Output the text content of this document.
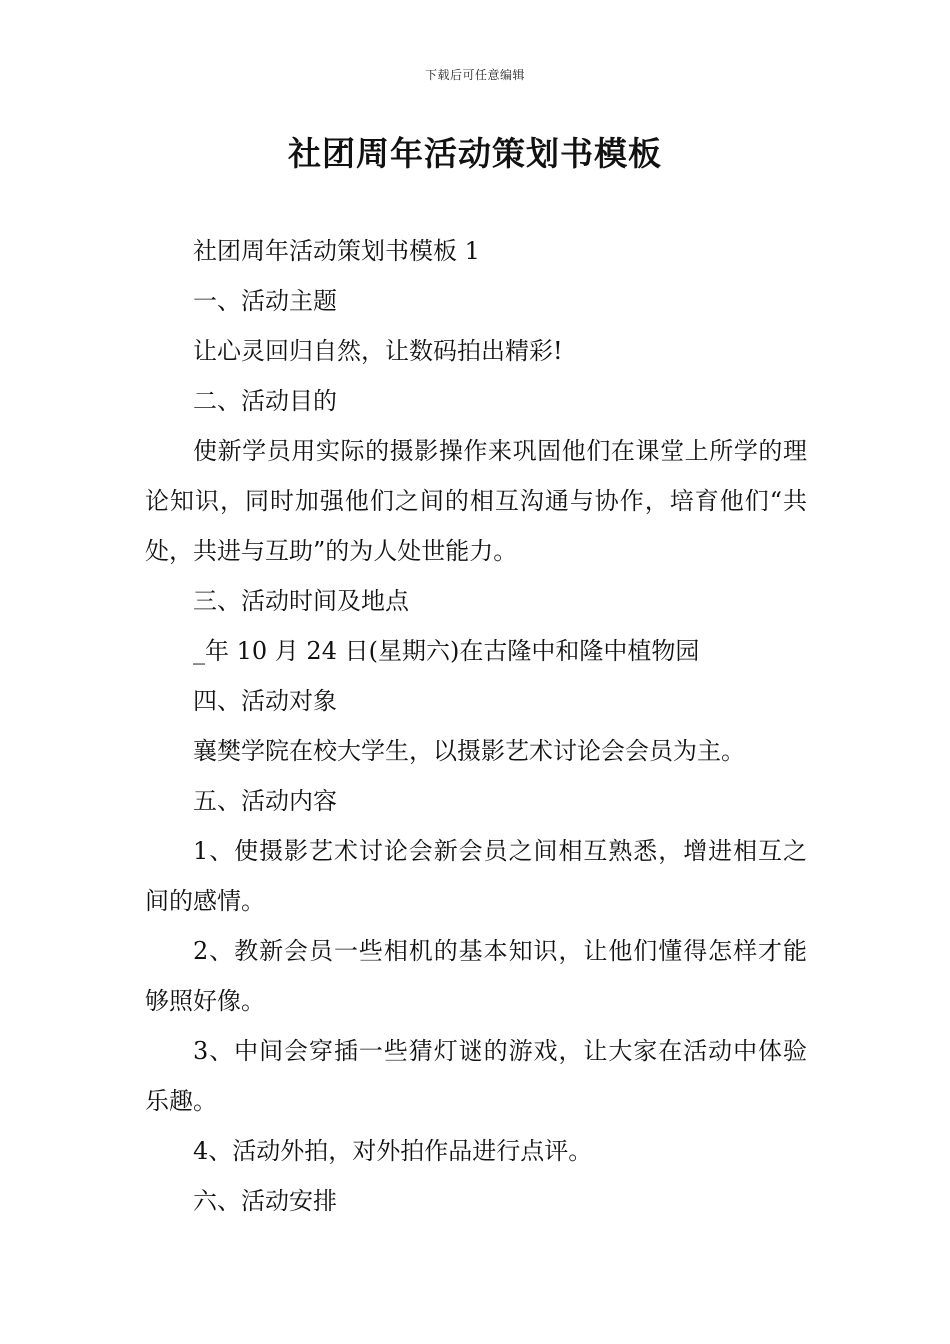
下载后可任意编辑
社团周年活动策划书模板

社团周年活动策划书模板 1

一、活动主题

让心灵回归自然，让数码拍出精彩!

二、活动目的

使新学员用实际的摄影操作来巩固他们在课堂上所学的理论知识，同时加强他们之间的相互沟通与协作，培育他们“共处，共进与互助”的为人处世能力。

三、活动时间及地点

_年 10 月 24 日(星期六)在古隆中和隆中植物园

四、活动对象

襄樊学院在校大学生，以摄影艺术讨论会会员为主。

五、活动内容

1、使摄影艺术讨论会新会员之间相互熟悉，增进相互之间的感情。

2、教新会员一些相机的基本知识，让他们懂得怎样才能够照好像。

3、中间会穿插一些猜灯谜的游戏，让大家在活动中体验乐趣。

4、活动外拍，对外拍作品进行点评。

六、活动安排
